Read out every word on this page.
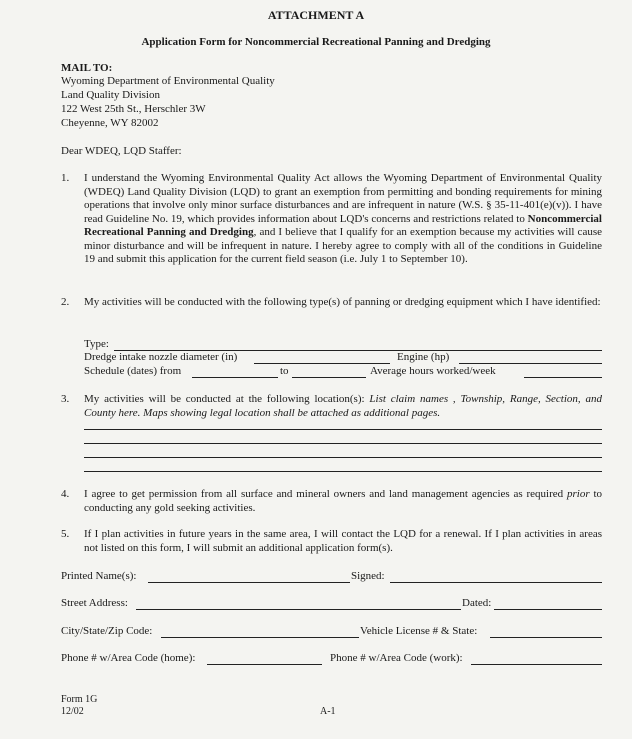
ATTACHMENT A
Application Form for Noncommercial Recreational Panning and Dredging
MAIL TO:
Wyoming Department of Environmental Quality
Land Quality Division
122 West 25th St., Herschler 3W
Cheyenne, WY 82002
Dear WDEQ, LQD Staffer:
1. I understand the Wyoming Environmental Quality Act allows the Wyoming Department of Environmental Quality (WDEQ) Land Quality Division (LQD) to grant an exemption from permitting and bonding requirements for mining operations that involve only minor surface disturbances and are infrequent in nature (W.S. § 35-11-401(e)(v)). I have read Guideline No. 19, which provides information about LQD's concerns and restrictions related to Noncommercial Recreational Panning and Dredging, and I believe that I qualify for an exemption because my activities will cause minor disturbance and will be infrequent in nature. I hereby agree to comply with all of the conditions in Guideline 19 and submit this application for the current field season (i.e. July 1 to September 10).
2. My activities will be conducted with the following type(s) of panning or dredging equipment which I have identified:
Type:
Dredge intake nozzle diameter (in)	Engine (hp)
Schedule (dates) from	to	Average hours worked/week
3. My activities will be conducted at the following location(s): List claim names , Township, Range, Section, and County here. Maps showing legal location shall be attached as additional pages.
4. I agree to get permission from all surface and mineral owners and land management agencies as required prior to conducting any gold seeking activities.
5. If I plan activities in future years in the same area, I will contact the LQD for a renewal. If I plan activities in areas not listed on this form, I will submit an additional application form(s).
Printed Name(s):	Signed:
Street Address:	Dated:
City/State/Zip Code:	Vehicle License # & State:
Phone # w/Area Code (home):	Phone # w/Area Code (work):
Form 1G
12/02	A-1
